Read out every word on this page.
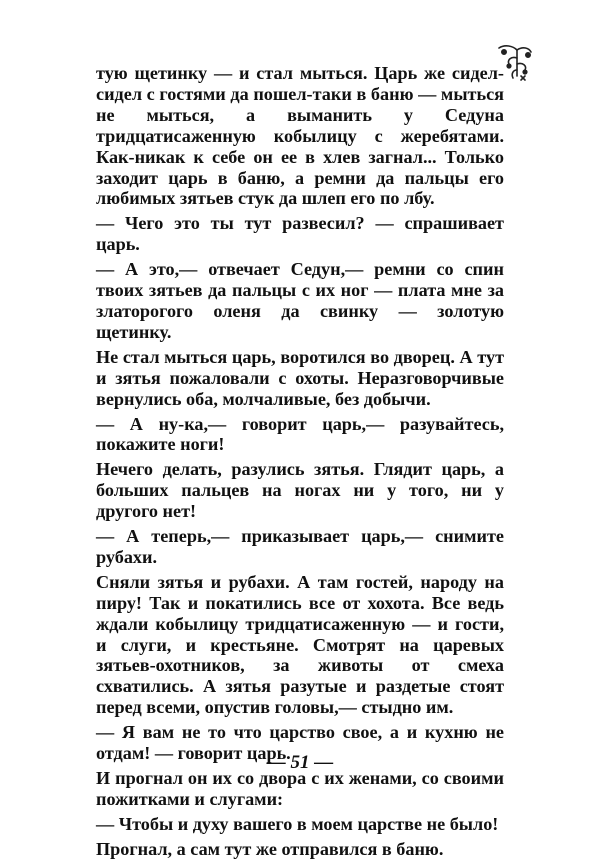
тую щетинку — и стал мыться. Царь же сидел-сидел с гостями да пошел-таки в баню — мыться не мыться, а выманить у Седуна тридцатисаженную кобылицу с жеребятами. Как-никак к себе он ее в хлев загнал... Только заходит царь в баню, а ремни да пальцы его любимых зятьев стук да шлеп его по лбу.

— Чего это ты тут развесил? — спрашивает царь.

— А это,— отвечает Седун,— ремни со спин твоих зятьев да пальцы с их ног — плата мне за златорогого оленя да свинку — золотую щетинку.

Не стал мыться царь, воротился во дворец. А тут и зятья пожаловали с охоты. Неразговорчивые вернулись оба, молчаливые, без добычи.

— А ну-ка,— говорит царь,— разувайтесь, покажите ноги!

Нечего делать, разулись зятья. Глядит царь, а больших пальцев на ногах ни у того, ни у другого нет!

— А теперь,— приказывает царь,— снимите рубахи.

Сняли зятья и рубахи. А там гостей, народу на пиру! Так и покатились все от хохота. Все ведь ждали кобылицу тридцатисаженную — и гости, и слуги, и крестьяне. Смотрят на царевых зятьев-охотников, за животы от смеха схватились. А зятья разутые и раздетые стоят перед всеми, опустив головы,— стыдно им.

— Я вам не то что царство свое, а и кухню не отдам! — говорит царь.

И прогнал он их со двора с их женами, со своими пожитками и слугами:

— Чтобы и духу вашего в моем царстве не было!

Прогнал, а сам тут же отправился в баню.

— 51 —
